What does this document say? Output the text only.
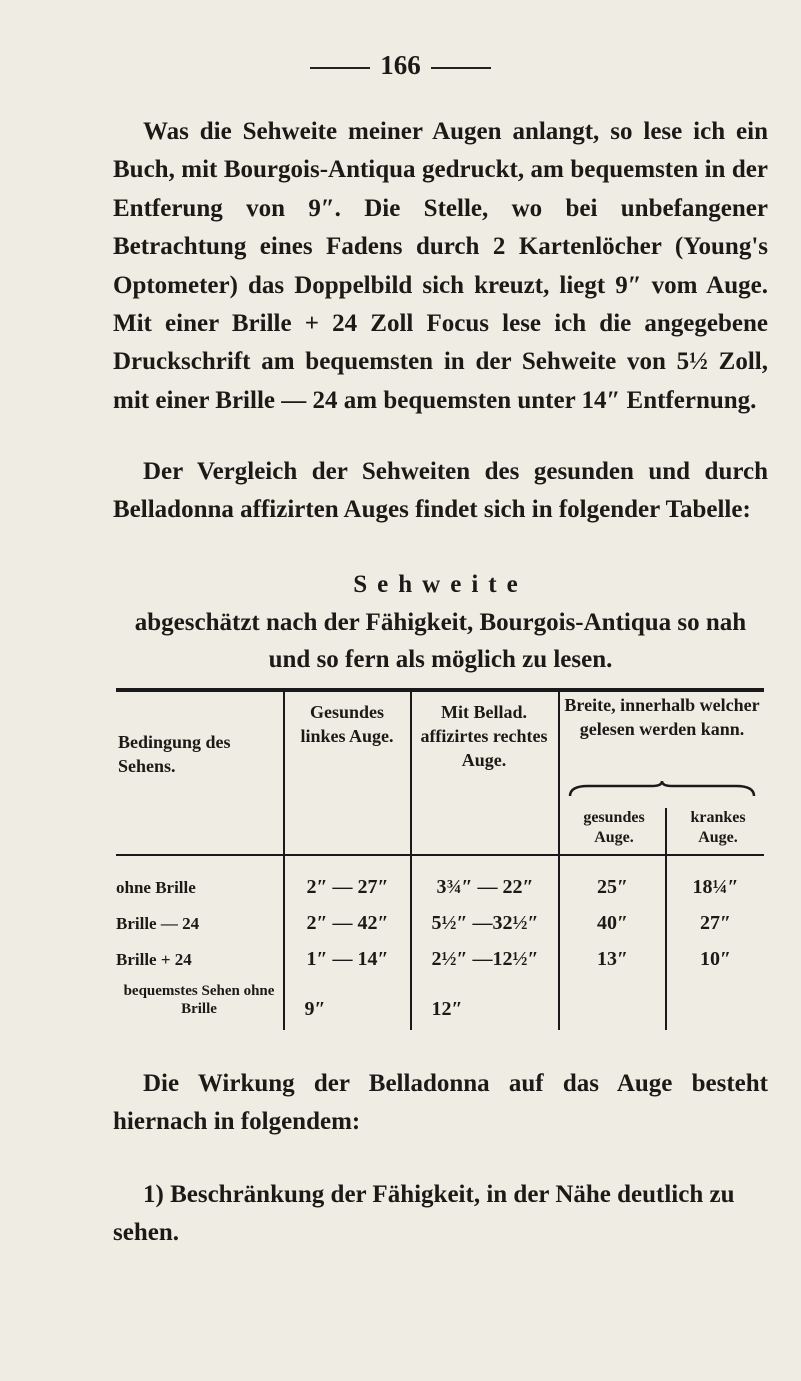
166

Was die Sehweite meiner Augen anlangt, so lese ich ein Buch, mit Bourgois-Antiqua gedruckt, am bequemsten in der Entferung von 9″. Die Stelle, wo bei unbefangener Betrachtung eines Fadens durch 2 Kartenlöcher (Young's Optometer) das Doppelbild sich kreuzt, liegt 9″ vom Auge. Mit einer Brille + 24 Zoll Focus lese ich die angegebene Druckschrift am bequemsten in der Sehweite von 5½ Zoll, mit einer Brille — 24 am bequemsten unter 14″ Entfernung.

Der Vergleich der Sehweiten des gesunden und durch Belladonna affizirten Auges findet sich in folgender Tabelle:

Sehweite
abgeschätzt nach der Fähigkeit, Bourgois-Antiqua so nah und so fern als möglich zu lesen.
Bedingung des Sehens.
Gesundes linkes Auge.
Mit Bellad. affizirtes rechtes Auge.
Breite, innerhalb welcher gelesen werden kann.
gesundes Auge.
krankes Auge.
ohne Brille	2″ — 27″	3¾″ — 22″	25″	18¼″
Brille — 24	2″ — 42″	5½″ —32½″	40″	27″
Brille + 24	1″ — 14″	2½″ —12½″	13″	10″
bequemstes Sehen ohne Brille	9″	12″

Die Wirkung der Belladonna auf das Auge besteht hiernach in folgendem:

1) Beschränkung der Fähigkeit, in der Nähe deutlich zu sehen.
